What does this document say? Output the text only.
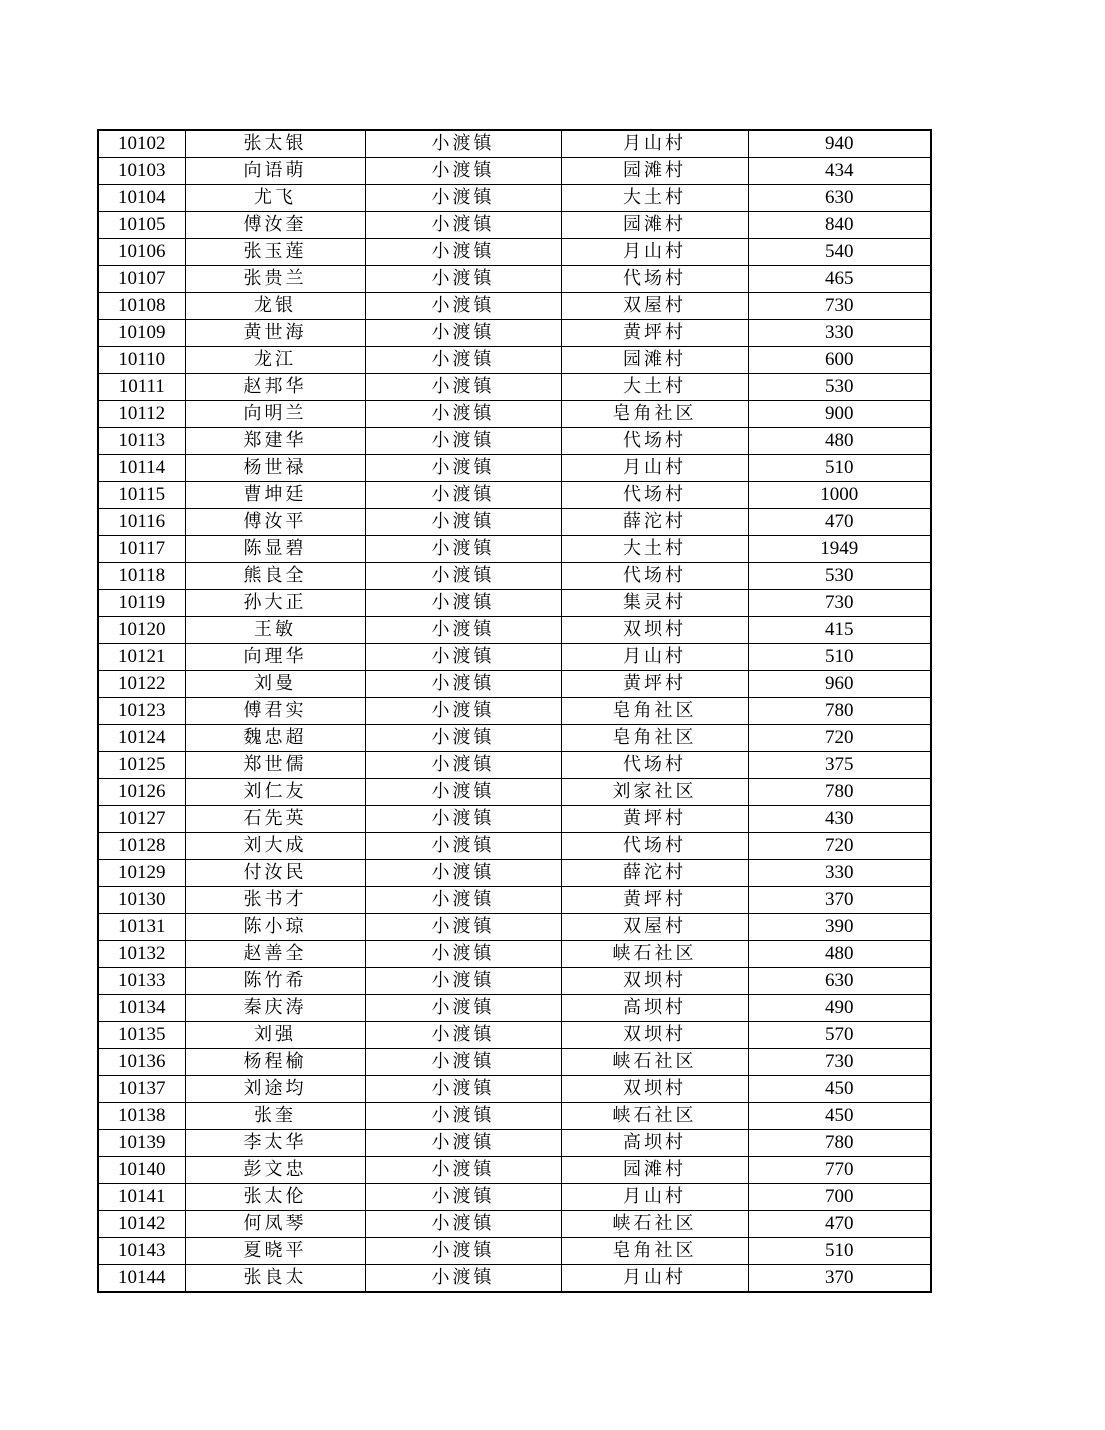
10102	张太银	小渡镇	月山村	940
10103	向语萌	小渡镇	园滩村	434
10104	尤飞	小渡镇	大土村	630
10105	傅汝奎	小渡镇	园滩村	840
10106	张玉莲	小渡镇	月山村	540
10107	张贵兰	小渡镇	代场村	465
10108	龙银	小渡镇	双屋村	730
10109	黄世海	小渡镇	黄坪村	330
10110	龙江	小渡镇	园滩村	600
10111	赵邦华	小渡镇	大土村	530
10112	向明兰	小渡镇	皂角社区	900
10113	郑建华	小渡镇	代场村	480
10114	杨世禄	小渡镇	月山村	510
10115	曹坤廷	小渡镇	代场村	1000
10116	傅汝平	小渡镇	薛沱村	470
10117	陈显碧	小渡镇	大土村	1949
10118	熊良全	小渡镇	代场村	530
10119	孙大正	小渡镇	集灵村	730
10120	王敏	小渡镇	双坝村	415
10121	向理华	小渡镇	月山村	510
10122	刘曼	小渡镇	黄坪村	960
10123	傅君实	小渡镇	皂角社区	780
10124	魏忠超	小渡镇	皂角社区	720
10125	郑世儒	小渡镇	代场村	375
10126	刘仁友	小渡镇	刘家社区	780
10127	石先英	小渡镇	黄坪村	430
10128	刘大成	小渡镇	代场村	720
10129	付汝民	小渡镇	薛沱村	330
10130	张书才	小渡镇	黄坪村	370
10131	陈小琼	小渡镇	双屋村	390
10132	赵善全	小渡镇	峡石社区	480
10133	陈竹希	小渡镇	双坝村	630
10134	秦庆涛	小渡镇	高坝村	490
10135	刘强	小渡镇	双坝村	570
10136	杨程榆	小渡镇	峡石社区	730
10137	刘途均	小渡镇	双坝村	450
10138	张奎	小渡镇	峡石社区	450
10139	李太华	小渡镇	高坝村	780
10140	彭文忠	小渡镇	园滩村	770
10141	张太伦	小渡镇	月山村	700
10142	何凤琴	小渡镇	峡石社区	470
10143	夏晓平	小渡镇	皂角社区	510
10144	张良太	小渡镇	月山村	370
